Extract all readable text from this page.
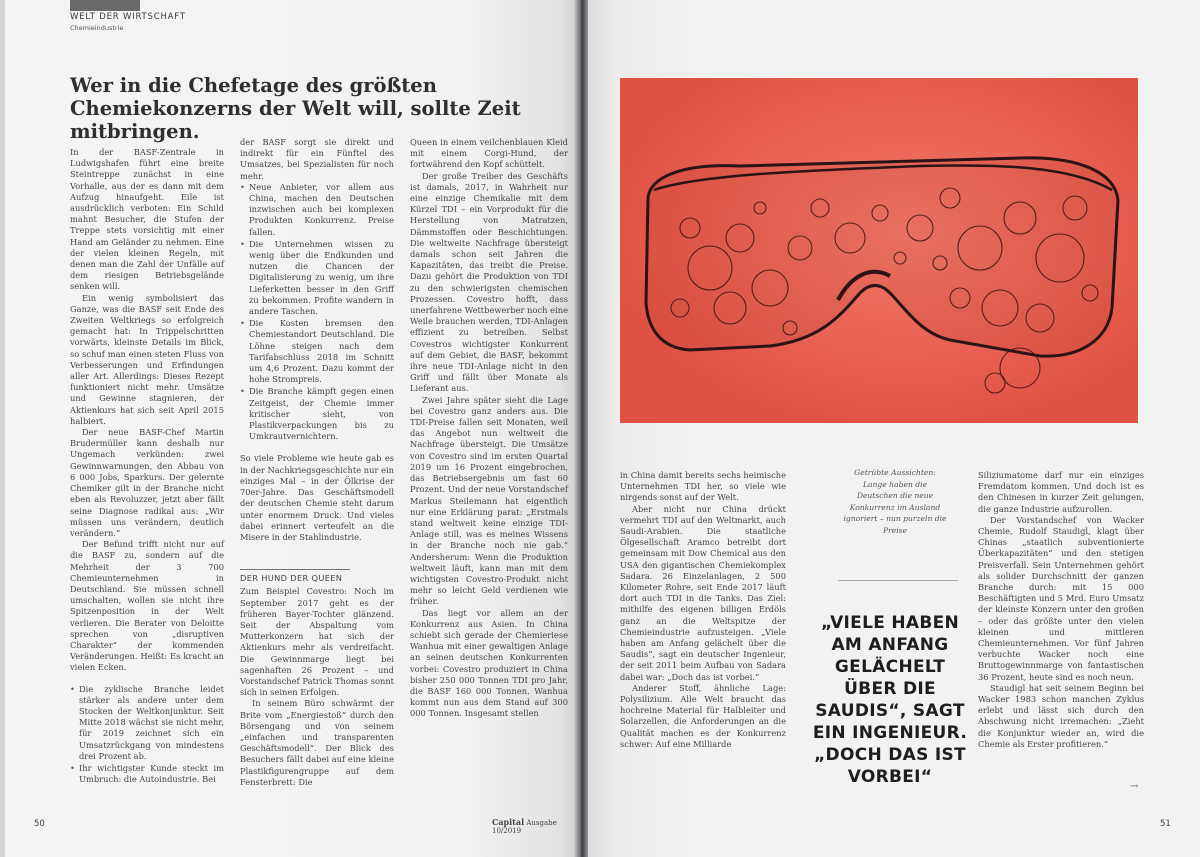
WELT DER WIRTSCHAFT

Chemieindustrie

Wer in die Chefetage des größten Chemiekonzerns der Welt will, sollte Zeit mitbringen.

In der BASF-Zentrale in Ludwigshafen führt eine breite Steintreppe zunächst in eine Vorhalle, aus der es dann mit dem Aufzug hinaufgeht. Eile ist ausdrücklich verboten: Ein Schild mahnt Besucher, die Stufen der Treppe stets vorsichtig mit einer Hand am Geländer zu nehmen. Eine der vielen kleinen Regeln, mit denen man die Zahl der Unfälle auf dem riesigen Betriebsgelände senken will.

Ein wenig symbolisiert das Ganze, was die BASF seit Ende des Zweiten Weltkriegs so erfolgreich gemacht hat: In Trippelschritten vorwärts, kleinste Details im Blick, so schuf man einen steten Fluss von Verbesserungen und Erfindungen aller Art. Allerdings: Dieses Rezept funktioniert nicht mehr. Umsätze und Gewinne stagnieren, der Aktienkurs hat sich seit April 2015 halbiert.

Der neue BASF-Chef Martin Brudermüller kann deshalb nur Ungemach verkünden: zwei Gewinnwarnungen, den Abbau von 6 000 Jobs, Sparkurs. Der gelernte Chemiker gilt in der Branche nicht eben als Revoluzzer, jetzt aber fällt seine Diagnose radikal aus: „Wir müssen uns verändern, deutlich verändern.“

Der Befund trifft nicht nur auf die BASF zu, sondern auf die Mehrheit der 3 700 Chemieunternehmen in Deutschland. Sie müssen schnell umschalten, wollen sie nicht ihre Spitzenposition in der Welt verlieren. Die Berater von Deloitte sprechen von „disruptiven Charakter“ der kommenden Veränderungen. Heißt: Es kracht an vielen Ecken.

• Die zyklische Branche leidet stärker als andere unter dem Stocken der Weltkonjunktur. Seit Mitte 2018 wächst sie nicht mehr, für 2019 zeichnet sich ein Umsatzrückgang von mindestens drei Prozent ab.
• Ihr wichtigster Kunde steckt im Umbruch: die Autoindustrie. Bei

der BASF sorgt sie direkt und indirekt für ein Fünftel des Umsatzes, bei Spezialisten für noch mehr.

• Neue Anbieter, vor allem aus China, machen den Deutschen inzwischen auch bei komplexen Produkten Konkurrenz. Preise fallen.
• Die Unternehmen wissen zu wenig über die Endkunden und nutzen die Chancen der Digitalisierung zu wenig, um ihre Lieferketten besser in den Griff zu bekommen. Profite wandern in andere Taschen.
• Die Kosten bremsen den Chemiestandort Deutschland. Die Löhne steigen nach dem Tarifabschluss 2018 im Schnitt um 4,6 Prozent. Dazu kommt der hohe Strompreis.
• Die Branche kämpft gegen einen Zeitgeist, der Chemie immer kritischer sieht, von Plastikverpackungen bis zu Umkrautvernichtern.

So viele Probleme wie heute gab es in der Nachkriegsgeschichte nur ein einziges Mal – in der Ölkrise der 70er-Jahre. Das Geschäftsmodell der deutschen Chemie steht darum unter enormem Druck. Und vieles dabei erinnert verteufelt an die Misere in der Stahlindustrie.

DER HUND DER QUEEN

Zum Beispiel Covestro: Noch im September 2017 geht es der früheren Bayer-Tochter glänzend. Seit der Abspaltung vom Mutterkonzern hat sich der Aktienkurs mehr als verdreifacht. Die Gewinnmarge liegt bei sagenhaften 26 Prozent – und Vorstandschef Patrick Thomas sonnt sich in seinen Erfolgen.

In seinem Büro schwärmt der Brite vom „Energiestoß“ durch den Börsengang und von seinem „einfachen und transparenten Geschäftsmodell“. Der Blick des Besuchers fällt dabei auf eine kleine Plastikfigurengruppe auf dem Fensterbrett: Die

Queen in einem veilchenblauen Kleid mit einem Corgi-Hund, der fortwährend den Kopf schüttelt.

Der große Treiber des Geschäfts ist damals, 2017, in Wahrheit nur eine einzige Chemikalie mit dem Kürzel TDI – ein Vorprodukt für die Herstellung von Matratzen, Dämmstoffen oder Beschichtungen. Die weltweite Nachfrage übersteigt damals schon seit Jahren die Kapazitäten, das treibt die Preise. Dazu gehört die Produktion von TDI zu den schwierigsten chemischen Prozessen. Covestro hofft, dass unerfahrene Wettbewerber noch eine Weile brauchen werden, TDI-Anlagen effizient zu betreiben. Selbst Covestros wichtigster Konkurrent auf dem Gebiet, die BASF, bekommt ihre neue TDI-Anlage nicht in den Griff und fällt über Monate als Lieferant aus.

Zwei Jahre später sieht die Lage bei Covestro ganz anders aus. Die TDI-Preise fallen seit Monaten, weil das Angebot nun weltweit die Nachfrage übersteigt. Die Umsätze von Covestro sind im ersten Quartal 2019 um 16 Prozent eingebrochen, das Betriebsergebnis um fast 60 Prozent. Und der neue Vorstandschef Markus Steilemann hat eigentlich nur eine Erklärung parat: „Erstmals stand weltweit keine einzige TDI-Anlage still, was es meines Wissens in der Branche noch nie gab.“ Andersherum: Wenn die Produktion weltweit läuft, kann man mit dem wichtigsten Covestro-Produkt nicht mehr so leicht Geld verdienen wie früher.

Das liegt vor allem an der Konkurrenz aus Asien. In China schiebt sich gerade der Chemieriese Wanhua mit einer gewaltigen Anlage an seinen deutschen Konkurrenten vorbei: Covestro produziert in China bisher 250 000 Tonnen TDI pro Jahr, die BASF 160 000 Tonnen. Wanhua kommt nun aus dem Stand auf 300 000 Tonnen. Insgesamt stellen

50	Capital Ausgabe 10/2019

in China damit bereits sechs heimische Unternehmen TDI her, so viele wie nirgends sonst auf der Welt.

Aber nicht nur China drückt vermehrt TDI auf den Weltmarkt, auch Saudi-Arabien. Die staatliche Ölgesellschaft Aramco betreibt dort gemeinsam mit Dow Chemical aus den USA den gigantischen Chemiekomplex Sadara. 26 Einzelanlagen, 2 500 Kilometer Rohre, seit Ende 2017 läuft dort auch TDI in die Tanks. Das Ziel: mithilfe des eigenen billigen Erdöls ganz an die Weltspitze der Chemieindustrie aufzusteigen. „Viele haben am Anfang gelächelt über die Saudis“, sagt ein deutscher Ingenieur, der seit 2011 beim Aufbau von Sadara dabei war: „Doch das ist vorbei.“

Anderer Stoff, ähnliche Lage: Polysilizium. Alle Welt braucht das hochreine Material für Halbleiter und Solarzellen, die Anforderungen an die Qualität machen es der Konkurrenz schwer: Auf eine Milliarde

Getrübte Aussichten: Lange haben die Deutschen die neue Konkurrenz im Ausland ignoriert – nun purzeln die Preise

„VIELE HABEN AM ANFANG GELÄCHELT ÜBER DIE SAUDIS“, SAGT EIN INGENIEUR. „DOCH DAS IST VORBEI“

Siliziumatome darf nur ein einziges Fremdatom kommen. Und doch ist es den Chinesen in kurzer Zeit gelungen, die ganze Industrie aufzurollen.

Der Vorstandschef von Wacker Chemie, Rudolf Staudigl, klagt über Chinas „staatlich subventionierte Überkapazitäten“ und den stetigen Preisverfall. Sein Unternehmen gehört als solider Durchschnitt der ganzen Branche durch: mit 15 000 Beschäftigten und 5 Mrd. Euro Umsatz der kleinste Konzern unter den großen – oder das größte unter den vielen kleinen und mittleren Chemieunternehmen. Vor fünf Jahren verbuchte Wacker noch eine Bruttogewinnmarge von fantastischen 36 Prozent, heute sind es noch neun.

Staudigl hat seit seinem Beginn bei Wacker 1983 schon manchen Zyklus erlebt und lässt sich durch den Abschwung nicht irremachen: „Zieht die Konjunktur wieder an, wird die Chemie als Erster profitieren.“

→

51
